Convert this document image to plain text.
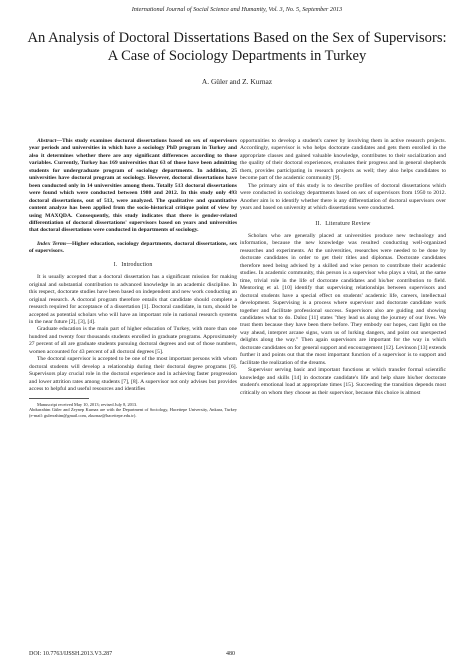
International Journal of Social Science and Humanity, Vol. 3, No. 5, September 2013
An Analysis of Doctoral Dissertations Based on the Sex of Supervisors: A Case of Sociology Departments in Turkey
A. Güler and Z. Kurnaz

Abstract—This study examines doctoral dissertations based on sex of supervisors year periods and universities in which have a sociology PhD program in Turkey and also it determines whether there are any significant differences according to those variables. Currently, Turkey has 169 universities that 63 of those have been admitting students for undergraduate program of sociology departments. In addition, 25 universities have doctoral program at sociology. However, doctoral dissertations have been conducted only in 14 universities among them. Totally 513 doctoral dissertations were found which were conducted between 1980 and 2012. In this study only 493 doctoral dissertations, out of 513, were analyzed. The qualitative and quantitative content analyze has been applied from the socio-historical critique point of view by using MAXQDA. Consequently, this study indicates that there is gender-related differentiation of doctoral dissertations' supervisors based on years and universities that doctoral dissertations were conducted in departments of sociology.

Index Terms—Higher education, sociology departments, doctoral dissertations, sex of supervisors.

I. Introduction

It is usually accepted that a doctoral dissertation has a significant mission for making original and substantial contribution to advanced knowledge in an academic discipline. In this respect, doctorate studies have been based on independent and new work conducting an original research. A doctoral program therefore entails that candidate should complete a research required for acceptance of a dissertation [1]. Doctoral candidate, in turn, should be accepted as potential scholars who will have an important role in national research systems in the near future [2], [3], [4].

Graduate education is the main part of higher education of Turkey, with more than one hundred and twenty four thousands students enrolled in graduate programs. Approximately 27 percent of all are graduate students pursuing doctoral degrees and out of those numbers, women accounted for 43 percent of all doctoral degrees [5].

The doctoral supervisor is accepted to be one of the most important persons with whom doctoral students will develop a relationship during their doctoral degree programs [6]. Supervisors play crucial role in the doctoral experience and in achieving faster progression and lower attrition rates among students [7], [8]. A supervisor not only advises but provides access to helpful and useful resources and identifies

Manuscript received May 10, 2013; revised July 8, 2013.

Abdurrahim Güler and Zeynep Kurnaz are with the Department of Sociology, Hacettepe University, Ankara, Turkey (e-mail: gulerrahim@gmail.com, zkurnaz@hacettepe.edu.tr).

opportunities to develop a student's career by involving them in active research projects. Accordingly, supervisor is who helps doctorate candidates and gets them enrolled in the appropriate classes and gained valuable knowledge, contributes to their socialization and the quality of their doctoral experiences, evaluates their progress and in general shepherds them, provides participating in research projects as well; they also helps candidates to become part of the academic community [9].

The primary aim of this study is to describe profiles of doctoral dissertations which were conducted in sociology departments based on sex of supervisors from 1950 to 2012. Another aim is to identify whether there is any differentiation of doctoral supervisors over years and based on university at which dissertations were conducted.

II. Literature Review

Scholars who are generally placed at universities produce new technology and information, because the new knowledge was resulted conducting well-organized researches and experiments. At the universities, researches were needed to be done by doctorate candidates in order to get their titles and diplomas. Doctorate candidates therefore need being advised by a skilled and wise person to contribute their academic studies. In academic community, this person is a supervisor who plays a vital, at the same time, trivial role in the life of doctorate candidates and his/her contribution to field. Mentoring et al. [10] identify that supervising relationships between supervisors and doctoral students have a special effect on students' academic life, careers, intellectual development. Supervising is a process where supervisor and doctorate candidate work together and facilitate professional success. Supervisors also are guiding and showing candidates what to do. Daloz [11] states "they lead us along the journey of our lives. We trust them because they have been there before. They embody our hopes, cast light on the way ahead, interpret arcane signs, warn us of lurking dangers, and point out unexpected delights along the way." Then again supervisors are important for the way in which doctorate candidates on for general support and encouragement [12]. Levinson [13] extends further it and points out that the most important function of a supervisor is to support and facilitate the realization of the dreams.

Supervisor serving basic and important functions at which transfer formal scientific knowledge and skills [14] in doctorate candidate's life and help share his/her doctorate student's emotional load at appropriate times [15]. Succeeding the transition depends most critically on whom they choose as their supervisor, because this choice is almost

DOI: 10.7763/IJSSH.2013.V3.287	480
